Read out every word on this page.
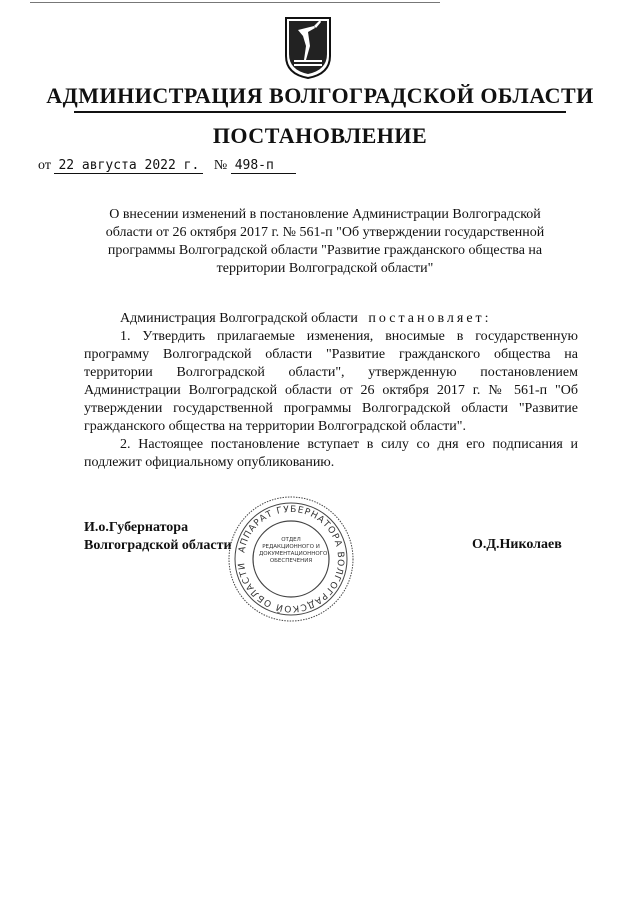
АДМИНИСТРАЦИЯ ВОЛГОГРАДСКОЙ ОБЛАСТИ
ПОСТАНОВЛЕНИЕ
от 22 августа 2022 г. № 498-п
О внесении изменений в постановление Администрации Волгоградской области от 26 октября 2017 г. № 561-п "Об утверждении государственной программы Волгоградской области "Развитие гражданского общества на территории Волгоградской области"

Администрация Волгоградской области постановляет:

1. Утвердить прилагаемые изменения, вносимые в государственную программу Волгоградской области "Развитие гражданского общества на территории Волгоградской области", утвержденную постановлением Администрации Волгоградской области от 26 октября 2017 г. № 561-п "Об утверждении государственной программы Волгоградской области "Развитие гражданского общества на территории Волгоградской области".

2. Настоящее постановление вступает в силу со дня его подписания и подлежит официальному опубликованию.

И.о.Губернатора
Волгоградской области АППАРАТ ГУБЕРНАТОРА ВОЛГОГРАДСКОЙ ОБЛАСТИ
ОТДЕЛ
РЕДАКЦИОННОГО И
ДОКУМЕНТАЦИОННОГО
ОБЕСПЕЧЕНИЯ
О.Д.Николаев
